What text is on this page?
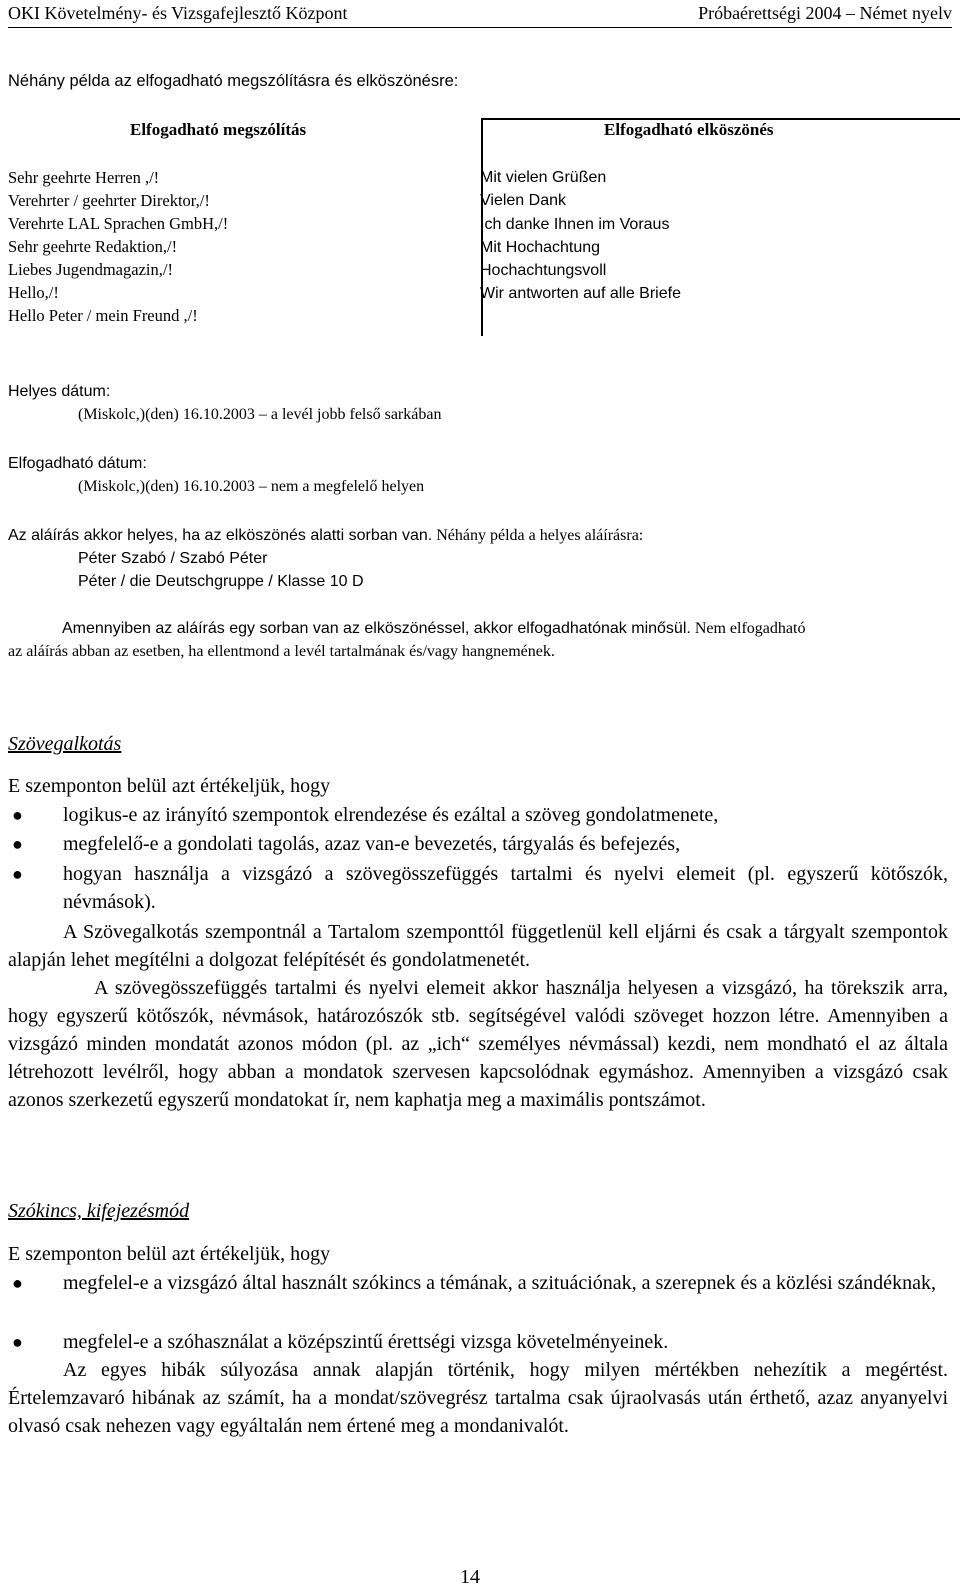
OKI Követelmény- és Vizsgafejlesztő Központ	Próbaérettségi 2004 – Német nyelv
Néhány példa az elfogadható megszólításra és elköszönésre:
Elfogadható megszólítás	Elfogadható elköszönés
Sehr geehrte Herren ,/!
Verehrter / geehrter Direktor,/!
Verehrte LAL Sprachen GmbH,/!
Sehr geehrte Redaktion,/!
Liebes Jugendmagazin,/!
Hello,/!
Hello Peter / mein Freund ,/!
Mit vielen Grüßen
Vielen Dank
Ich danke Ihnen im Voraus
Mit Hochachtung
Hochachtungsvoll
Wir antworten auf alle Briefe
Helyes dátum:
(Miskolc,)(den) 16.10.2003 – a levél jobb felső sarkában
Elfogadható dátum:
(Miskolc,)(den) 16.10.2003 – nem a megfelelő helyen
Az aláírás akkor helyes, ha az elköszönés alatti sorban van. Néhány példa a helyes aláírásra:
Péter Szabó / Szabó Péter
Péter / die Deutschgruppe / Klasse 10 D
Amennyiben az aláírás egy sorban van az elköszönéssel, akkor elfogadhatónak minősül. Nem elfogadható
az aláírás abban az esetben, ha ellentmond a levél tartalmának és/vagy hangnemének.
Szövegalkotás
E szemponton belül azt értékeljük, hogy
● logikus-e az irányító szempontok elrendezése és ezáltal a szöveg gondolatmenete,
● megfelelő-e a gondolati tagolás, azaz van-e bevezetés, tárgyalás és befejezés,
● hogyan használja a vizsgázó a szövegösszefüggés tartalmi és nyelvi elemeit (pl. egyszerű kötőszók, névmások).
A Szövegalkotás szempontnál a Tartalom szemponttól függetlenül kell eljárni és csak a tárgyalt szempontok alapján lehet megítélni a dolgozat felépítését és gondolatmenetét.
A szövegösszefüggés tartalmi és nyelvi elemeit akkor használja helyesen a vizsgázó, ha törekszik arra, hogy egyszerű kötőszók, névmások, határozószók stb. segítségével valódi szöveget hozzon létre. Amennyiben a vizsgázó minden mondatát azonos módon (pl. az „ich“ személyes névmással) kezdi, nem mondható el az általa létrehozott levélről, hogy abban a mondatok szervesen kapcsolódnak egymáshoz. Amennyiben a vizsgázó csak azonos szerkezetű egyszerű mondatokat ír, nem kaphatja meg a maximális pontszámot.
Szókincs, kifejezésmód
E szemponton belül azt értékeljük, hogy
● megfelel-e a vizsgázó által használt szókincs a témának, a szituációnak, a szerepnek és a közlési szándéknak,
● megfelel-e a szóhasználat a középszintű érettségi vizsga követelményeinek.
Az egyes hibák súlyozása annak alapján történik, hogy milyen mértékben nehezítik a megértést. Értelemzavaró hibának az számít, ha a mondat/szövegrész tartalma csak újraolvasás után érthető, azaz anyanyelvi olvasó csak nehezen vagy egyáltalán nem értené meg a mondanivalót.
14
